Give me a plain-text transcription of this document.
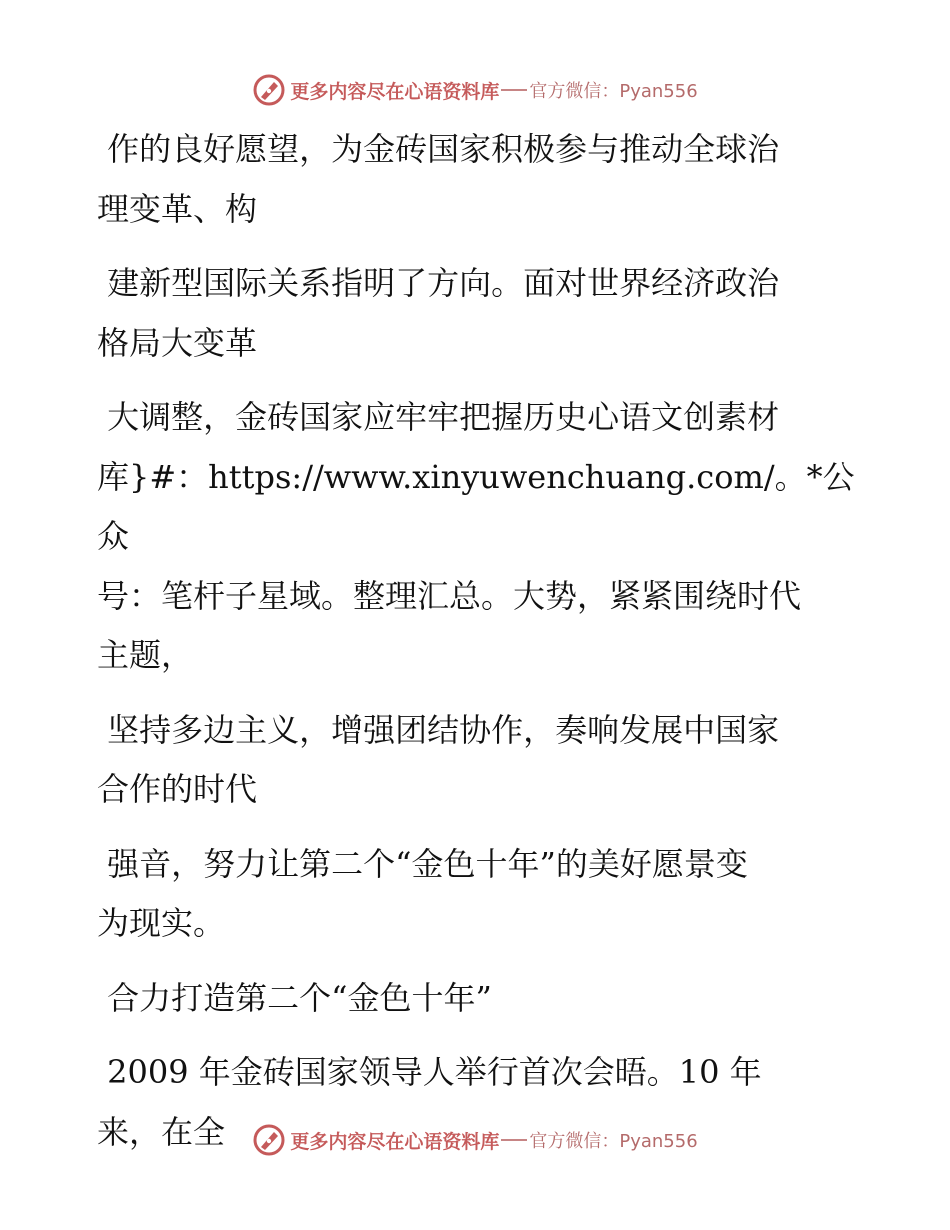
更多内容尽在心语资料库 官方微信：Pyan556

作的良好愿望，为金砖国家积极参与推动全球治
理变革、构

建新型国际关系指明了方向。面对世界经济政治
格局大变革

大调整，金砖国家应牢牢把握历史心语文创素材
库}#：https://www.xinyuwenchuang.com/。*公众
号：笔杆子星域。整理汇总。大势，紧紧围绕时代
主题，

坚持多边主义，增强团结协作，奏响发展中国家
合作的时代

强音，努力让第二个“金色十年”的美好愿景变
为现实。

合力打造第二个“金色十年”

2009 年金砖国家领导人举行首次会晤。10 年
来，在全	更多内容尽在心语资料库 官方微信：Pyan556
